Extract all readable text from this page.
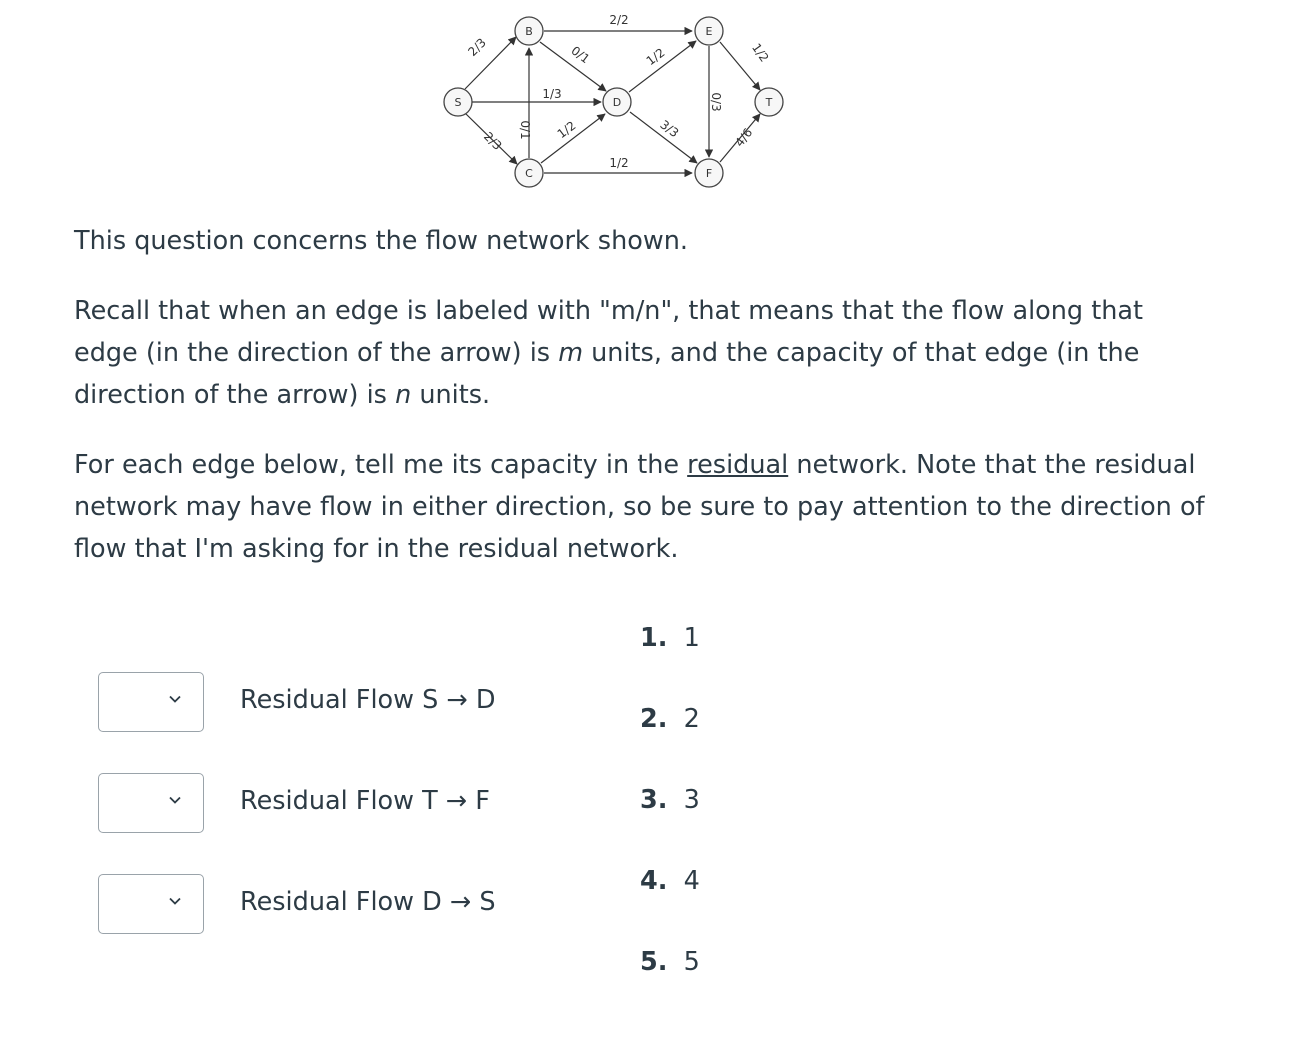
S
B
C
D
E
F
T
2/3
2/3
1/3
2/2
0/1
0/1 1/2
1/2
1/2
3/3
0/3
1/2
4/6

This question concerns the flow network shown.

Recall that when an edge is labeled with "m/n", that means that the flow along that edge (in the direction of the arrow) is m units, and the capacity of that edge (in the direction of the arrow) is n units.

For each edge below, tell me its capacity in the residual network. Note that the residual network may have flow in either direction, so be sure to pay attention to the direction of flow that I'm asking for in the residual network.

Residual Flow S → D
Residual Flow T → F
Residual Flow D → S
1. 1
2. 2
3. 3
4. 4
5. 5
